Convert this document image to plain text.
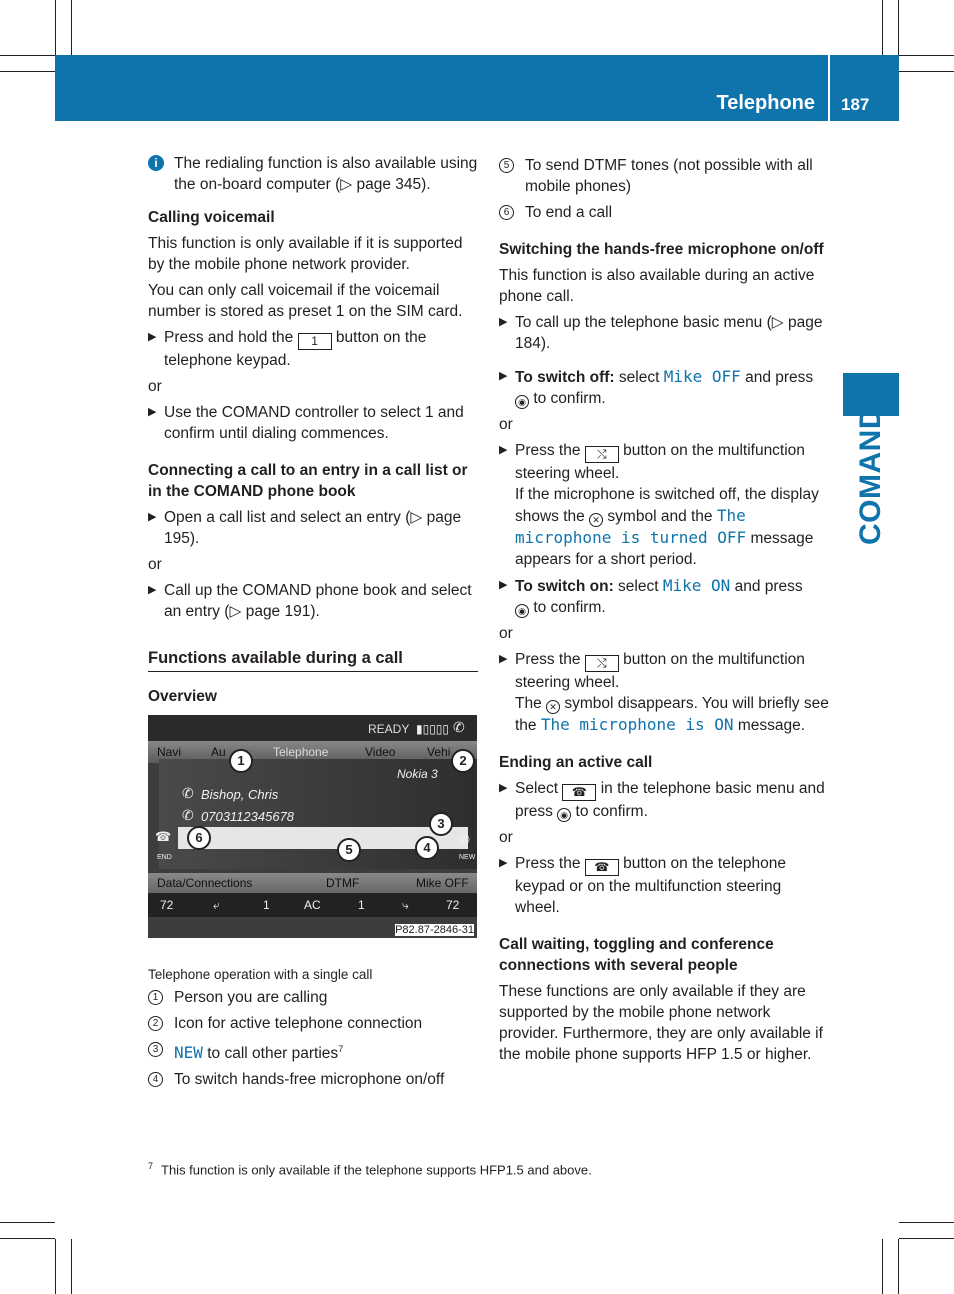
Telephone 187
COMAND

i	The redialing function is also available using the on-board computer (▷ page 345).

Calling voicemail

This function is only available if it is supported by the mobile phone network provider.

You can only call voicemail if the voicemail number is stored as preset 1 on the SIM card.

▶ Press and hold the 1 button on the telephone keypad.

or

▶ Use the COMAND controller to select 1 and confirm until dialing commences.

Connecting a call to an entry in a call list or in the COMAND phone book

▶ Open a call list and select an entry (▷ page 195).

or

▶ Call up the COMAND phone book and select an entry (▷ page 191).

Functions available during a call

Overview

READY ▮▯▯▯▯ ✆
Navi Au	Telephone	Video	Vehi
Nokia 3
Bishop, Chris
✆
0703112345678
✆
☎
END
✆
NEW
Data/Connections	DTMF	Mike OFF
72	⤶	1	AC	1	⤷	72
1	2
3
4
5
6
P82.87-2846-31

Telephone operation with a single call

1	Person you are calling

2	Icon for active telephone connection

3 NEW to call other parties$^7$

4	To switch hands-free microphone on/off

5	To send DTMF tones (not possible with all mobile phones)

6	To end a call

Switching the hands-free microphone on/off

This function is also available during an active phone call.

▶ To call up the telephone basic menu (▷ page 184).

▶ To switch off: select Mike OFF and press
◉ to confirm.

or

▶ Press the ⤭ button on the multifunction steering wheel.
If the microphone is switched off, the display shows the ✕ symbol and the The microphone is turned OFF message appears for a short period.

▶ To switch on: select Mike ON and press
◉ to confirm.

or

▶ Press the ⤭ button on the multifunction steering wheel.
The ✕ symbol disappears. You will briefly see the The microphone is ON message.

Ending an active call

▶ Select ☎ in the telephone basic menu and press ◉ to confirm.

or

▶ Press the ☎ button on the telephone keypad or on the multifunction steering wheel.

Call waiting, toggling and conference connections with several people

These functions are only available if they are supported by the mobile phone network provider. Furthermore, they are only available if the mobile phone supports HFP 1.5 or higher.

$^7$ This function is only available if the telephone supports HFP1.5 and above.
